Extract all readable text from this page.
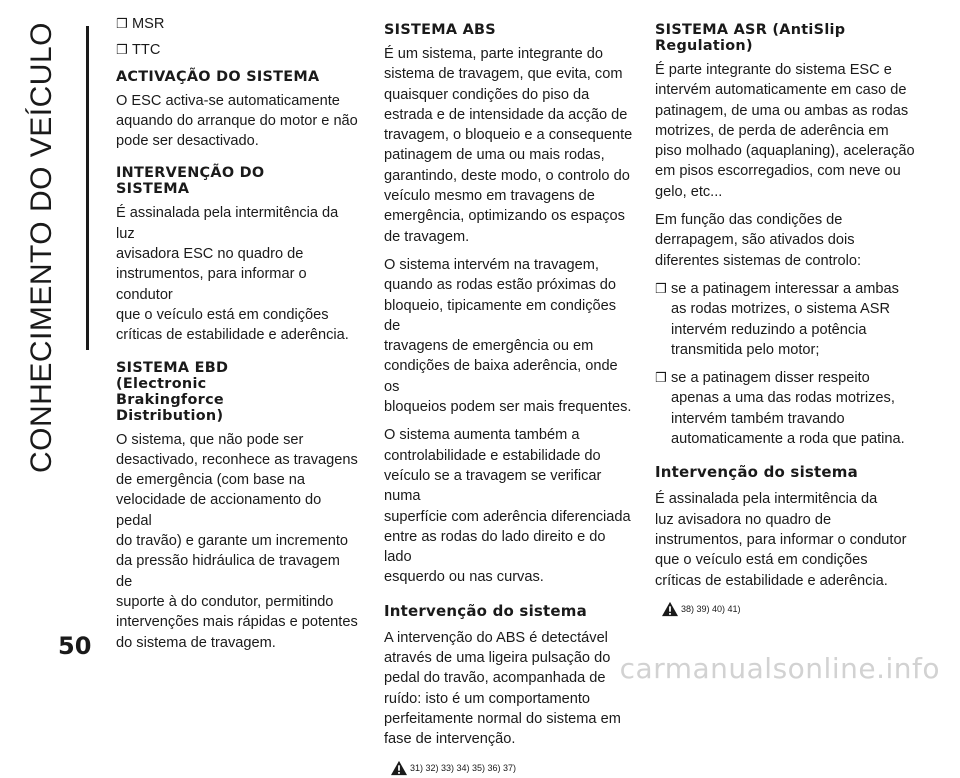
CONHECIMENTO DO VEÍCULO	❒ MSR
❒ TTC
ACTIVAÇÃO DO SISTEMA

O ESC activa-se automaticamente
aquando do arranque do motor e não
pode ser desactivado.

INTERVENÇÃO DO
SISTEMA

É assinalada pela intermitência da luz
avisadora ESC no quadro de
instrumentos, para informar o condutor
que o veículo está em condições
críticas de estabilidade e aderência.

SISTEMA EBD
(Electronic
Brakingforce
Distribution)

O sistema, que não pode ser
desactivado, reconhece as travagens
de emergência (com base na
velocidade de accionamento do pedal
do travão) e garante um incremento
da pressão hidráulica de travagem de
suporte à do condutor, permitindo
intervenções mais rápidas e potentes
do sistema de travagem.

SISTEMA ABS

É um sistema, parte integrante do
sistema de travagem, que evita, com
quaisquer condições do piso da
estrada e de intensidade da acção de
travagem, o bloqueio e a consequente
patinagem de uma ou mais rodas,
garantindo, deste modo, o controlo do
veículo mesmo em travagens de
emergência, optimizando os espaços
de travagem.

O sistema intervém na travagem,
quando as rodas estão próximas do
bloqueio, tipicamente em condições de
travagens de emergência ou em
condições de baixa aderência, onde os
bloqueios podem ser mais frequentes.

O sistema aumenta também a
controlabilidade e estabilidade do
veículo se a travagem se verificar numa
superfície com aderência diferenciada
entre as rodas do lado direito e do lado
esquerdo ou nas curvas.

Intervenção do sistema

A intervenção do ABS é detectável
através de uma ligeira pulsação do
pedal do travão, acompanhada de
ruído: isto é um comportamento
perfeitamente normal do sistema em
fase de intervenção.

31) 32) 33) 34) 35) 36) 37)
SISTEMA ASR (AntiSlip
Regulation)

É parte integrante do sistema ESC e
intervém automaticamente em caso de
patinagem, de uma ou ambas as rodas
motrizes, de perda de aderência em
piso molhado (aquaplaning), aceleração
em pisos escorregadios, com neve ou
gelo, etc...

Em função das condições de
derrapagem, são ativados dois
diferentes sistemas de controlo:

❒ se a patinagem interessar a ambas
as rodas motrizes, o sistema ASR
intervém reduzindo a potência
transmitida pelo motor;
❒ se a patinagem disser respeito
apenas a uma das rodas motrizes,
intervém também travando
automaticamente a roda que patina.
Intervenção do sistema

É assinalada pela intermitência da
luz avisadora no quadro de
instrumentos, para informar o condutor
que o veículo está em condições
críticas de estabilidade e aderência.

38) 39) 40) 41)
50
carmanualsonline.info
